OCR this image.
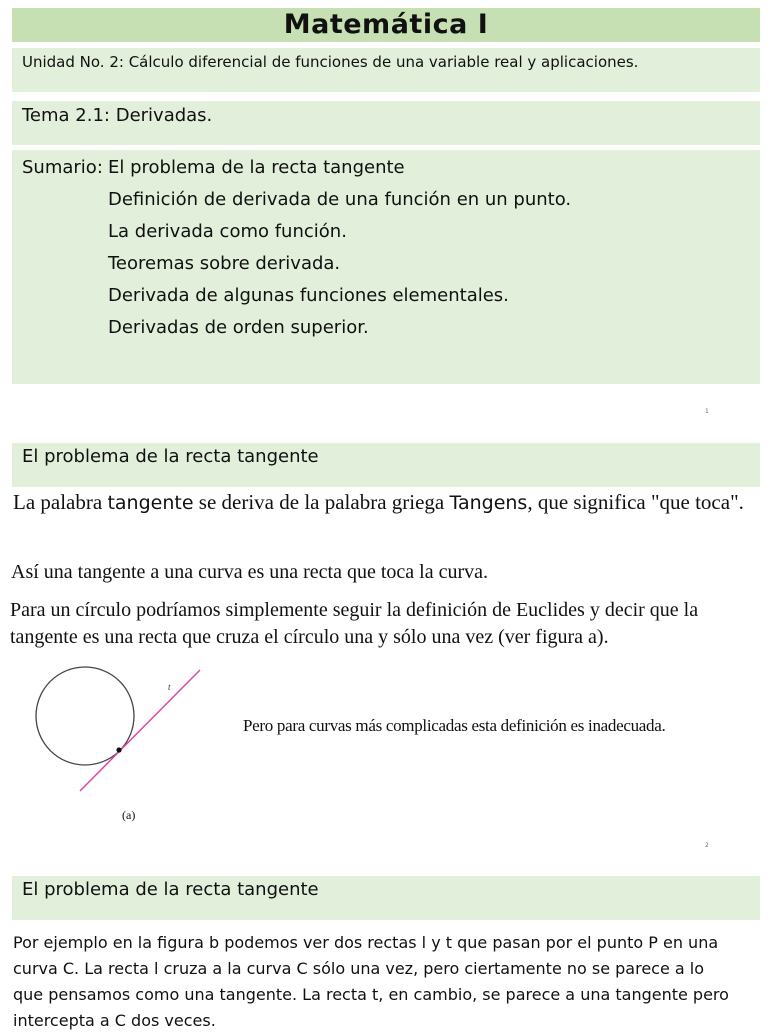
Matemática I
Unidad No. 2: Cálculo diferencial de funciones de una variable real y aplicaciones.
Tema 2.1: Derivadas.
Sumario: El problema de la recta tangente
Definición de derivada de una función en un punto.
La derivada como función.
Teoremas sobre derivada.
Derivada de algunas funciones elementales.
Derivadas de orden superior.
1
El problema de la recta tangente
La palabra tangente se deriva de la palabra griega Tangens, que significa "que toca".
Así una tangente a una curva es una recta que toca la curva.
Para un círculo podríamos simplemente seguir la definición de Euclides y decir que la tangente es una recta que cruza el círculo una y sólo una vez (ver figura a).
t
(a)
Pero para curvas más complicadas esta definición es inadecuada.
2
El problema de la recta tangente
Por ejemplo en la figura b podemos ver dos rectas l y t que pasan por el punto P en una curva C. La recta l cruza a la curva C sólo una vez, pero ciertamente no se parece a lo que pensamos como una tangente. La recta t, en cambio, se parece a una tangente pero intercepta a C dos veces.
